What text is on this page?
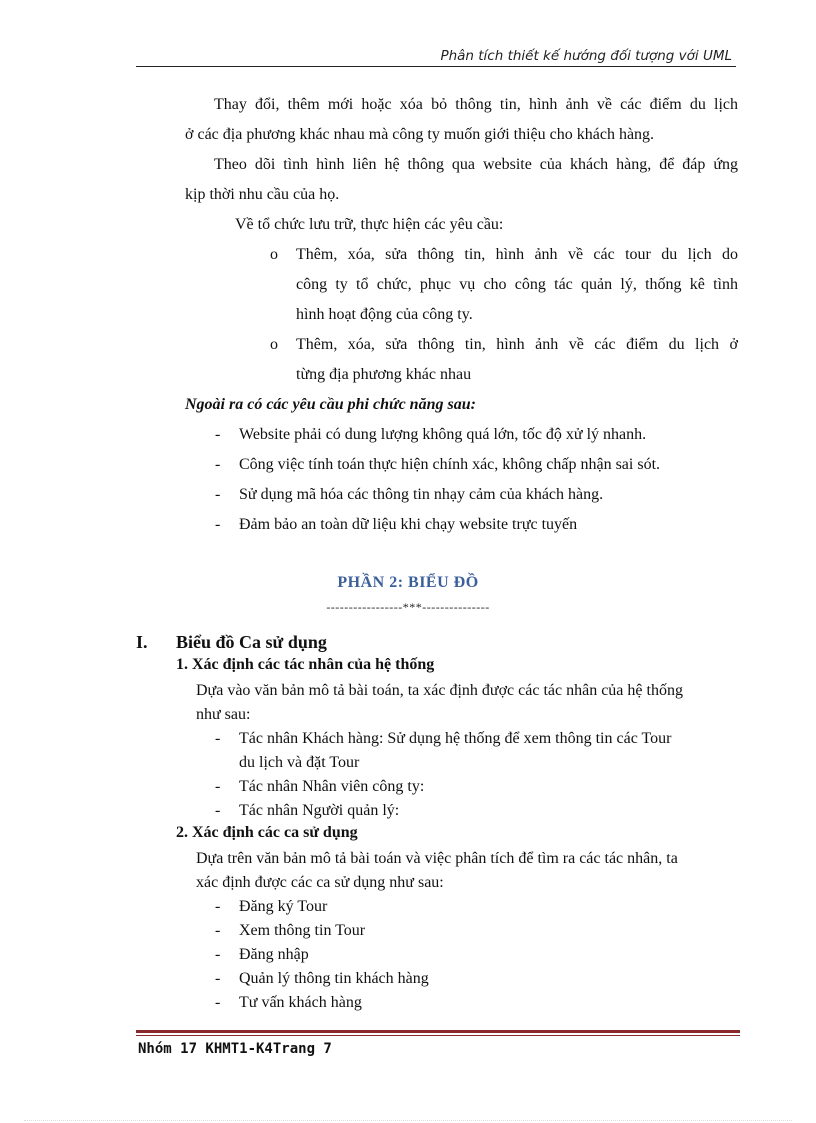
Phân tích thiết kế hướng đối tượng với UML
Thay đổi, thêm mới hoặc xóa bỏ thông tin, hình ảnh về các điểm du lịch
ở các địa phương khác nhau mà công ty muốn giới thiệu cho khách hàng.
Theo dõi tình hình liên hệ thông qua website của khách hàng, để đáp ứng
kịp thời nhu cầu của họ.
Về tổ chức lưu trữ, thực hiện các yêu cầu:
o Thêm, xóa, sửa thông tin, hình ảnh về các tour du lịch do
công ty tổ chức, phục vụ cho công tác quản lý, thống kê tình
hình hoạt động của công ty.
o Thêm, xóa, sửa thông tin, hình ảnh về các điểm du lịch ở
từng địa phương khác nhau
Ngoài ra có các yêu cầu phi chức năng sau:
- Website phải có dung lượng không quá lớn, tốc độ xử lý nhanh.
- Công việc tính toán thực hiện chính xác, không chấp nhận sai sót.
- Sử dụng mã hóa các thông tin nhạy cảm của khách hàng.
- Đảm bảo an toàn dữ liệu khi chạy website trực tuyến
PHẦN 2: BIỂU ĐỒ
-----------------***---------------
I. Biểu đồ Ca sử dụng
1. Xác định các tác nhân của hệ thống
Dựa vào văn bản mô tả bài toán, ta xác định được các tác nhân của hệ thống
như sau:
- Tác nhân Khách hàng: Sử dụng hệ thống để xem thông tin các Tour
du lịch và đặt Tour
- Tác nhân Nhân viên công ty:
- Tác nhân Người quản lý:
2. Xác định các ca sử dụng
Dựa trên văn bản mô tả bài toán và việc phân tích để tìm ra các tác nhân, ta
xác định được các ca sử dụng như sau:
- Đăng ký Tour
- Xem thông tin Tour
- Đăng nhập
- Quản lý thông tin khách hàng
- Tư vấn khách hàng
Nhóm 17 KHMT1-K4Trang 7
